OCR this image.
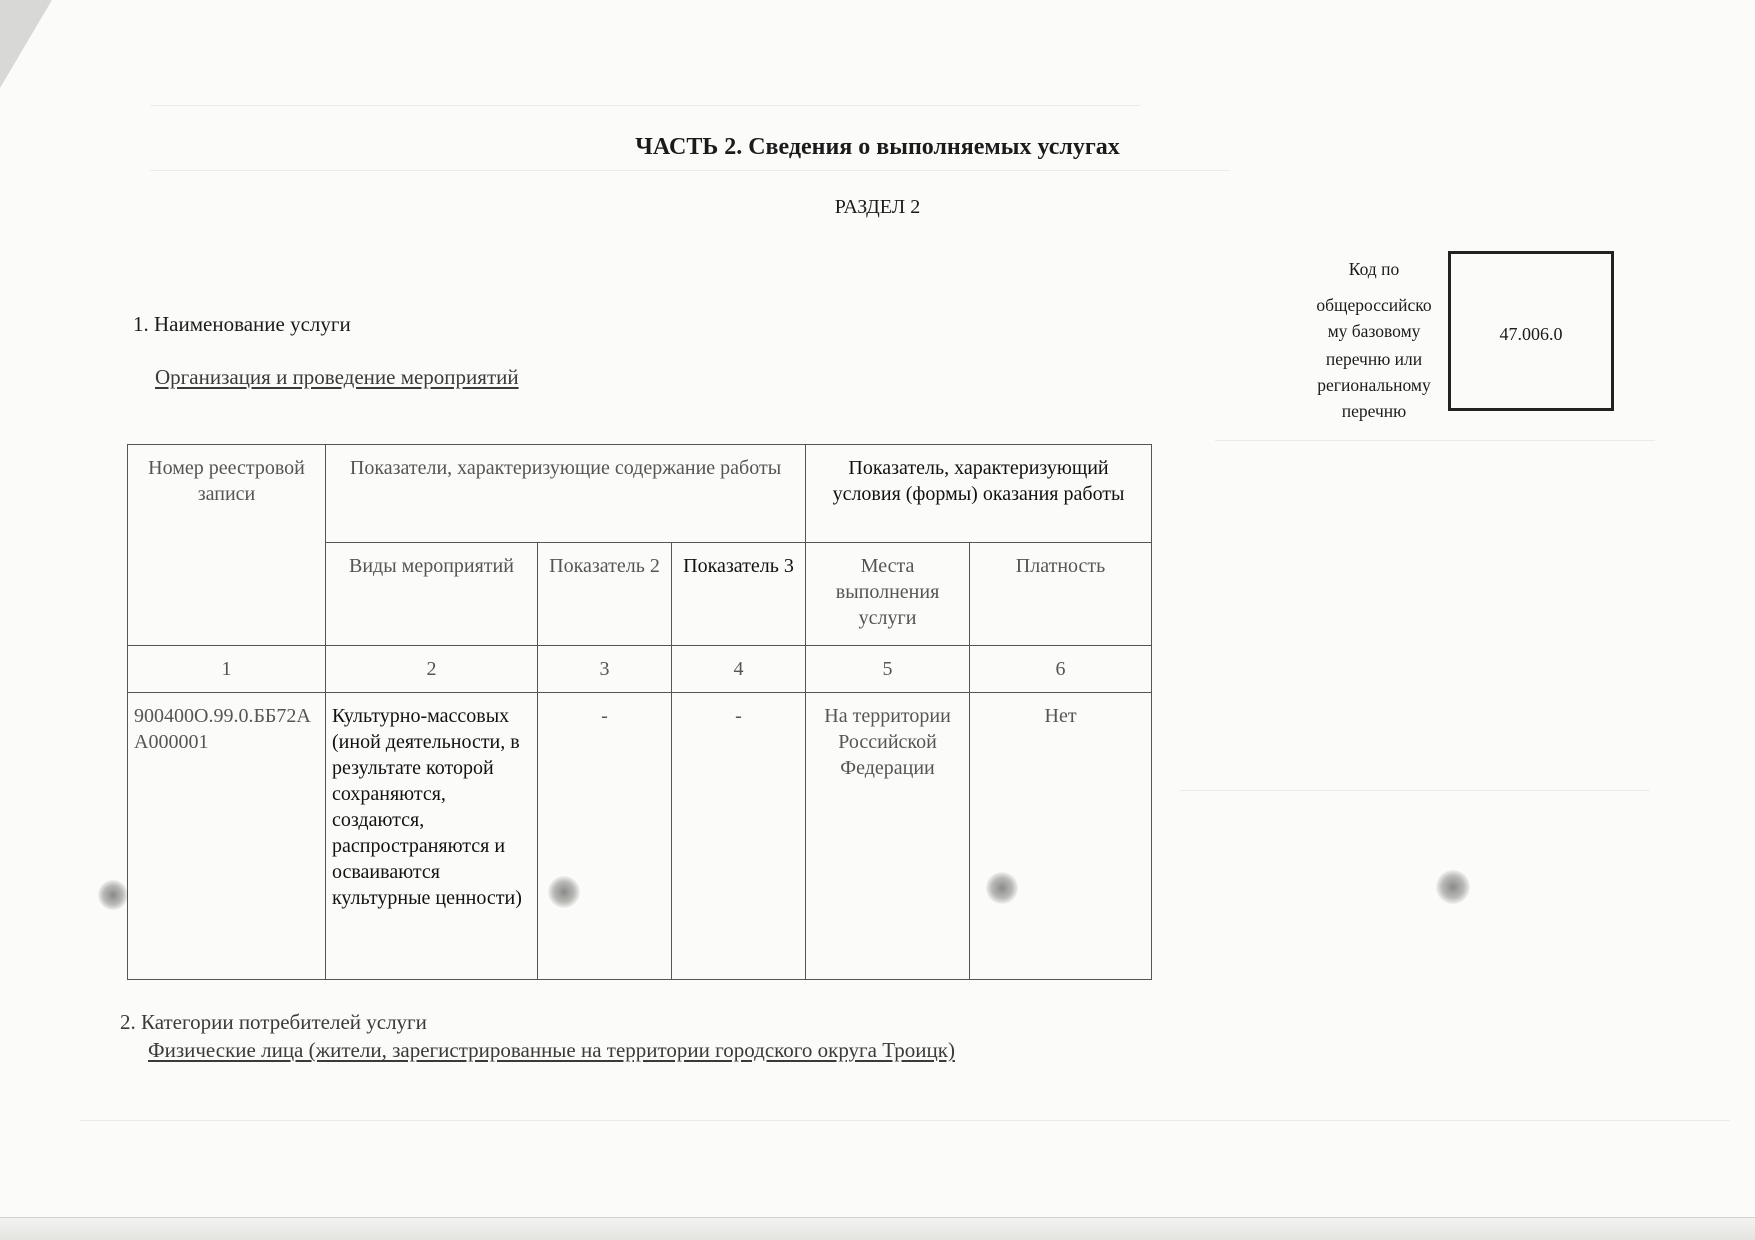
ЧАСТЬ 2. Сведения о выполняемых услугах
РАЗДЕЛ 2
1. Наименование услуги
Организация и проведение мероприятий
Код по
общероссийско
му базовому
перечню или
региональному
перечню
47.006.0
Номер реестровой записи	Показатели, характеризующие содержание работы			Показатель, характеризующий условия (формы) оказания работы	
	Виды мероприятий	Показатель 2	Показатель 3	Места выполнения услуги	Платность
1	2	3	4	5	6
900400О.99.0.ББ72АА000001	Культурно-массовых (иной деятельности, в результате которой сохраняются, создаются, распространяются и осваиваются культурные ценности)	-	-	На территории Российской Федерации	Нет
2. Категории потребителей услуги
Физические лица (жители, зарегистрированные на территории городского округа Троицк)
